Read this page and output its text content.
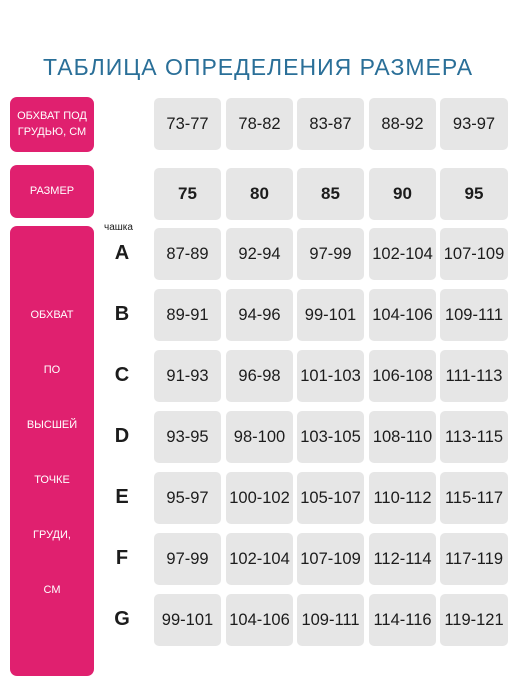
ТАБЛИЦА ОПРЕДЕЛЕНИЯ РАЗМЕРА
ОБХВАТ ПОД
ГРУДЬЮ, СМ
РАЗМЕР
ОБХВАТ
ПО
ВЫСШЕЙ
ТОЧКЕ
ГРУДИ,
СМ
чашка
73-77	78-82	83-87	88-92	93-97
75	80	85	90	95
A	87-89	92-94	97-99	102-104 107-109
B	89-91	94-96	99-101 104-106 109-111
C	91-93	96-98	101-103 106-108 111-113
D	93-95	98-100 103-105 108-110 113-115
E	95-97	100-102 105-107 110-112 115-117
F	97-99	102-104 107-109 112-114 117-119
G	99-101 104-106 109-111 114-116 119-121
